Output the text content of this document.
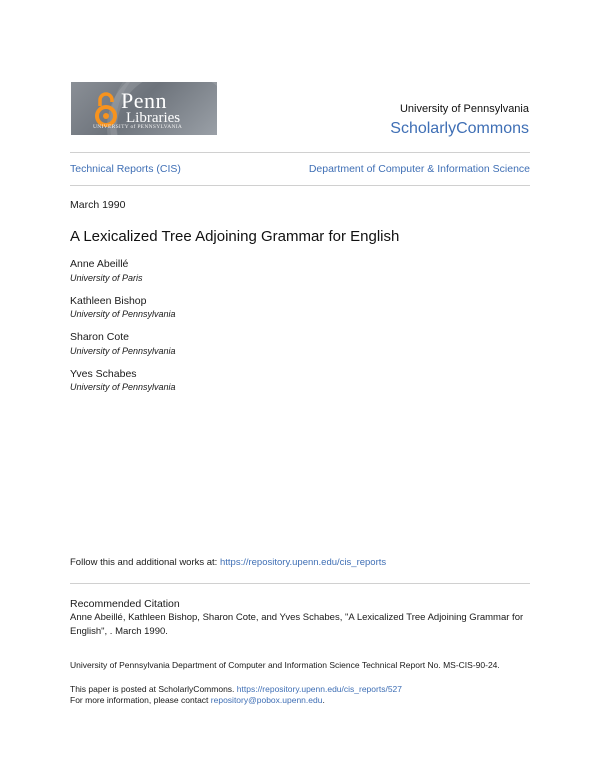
Penn
Libraries
UNIVERSITY of PENNSYLVANIA
University of Pennsylvania
ScholarlyCommons
Technical Reports (CIS)	Department of Computer & Information Science
March 1990
A Lexicalized Tree Adjoining Grammar for English
Anne Abeillé
University of Paris
Kathleen Bishop
University of Pennsylvania
Sharon Cote
University of Pennsylvania
Yves Schabes
University of Pennsylvania
Follow this and additional works at: https://repository.upenn.edu/cis_reports
Recommended Citation
Anne Abeillé, Kathleen Bishop, Sharon Cote, and Yves Schabes, "A Lexicalized Tree Adjoining Grammar for English", . March 1990.
University of Pennsylvania Department of Computer and Information Science Technical Report No. MS-CIS-90-24.
This paper is posted at ScholarlyCommons. https://repository.upenn.edu/cis_reports/527
For more information, please contact repository@pobox.upenn.edu.
